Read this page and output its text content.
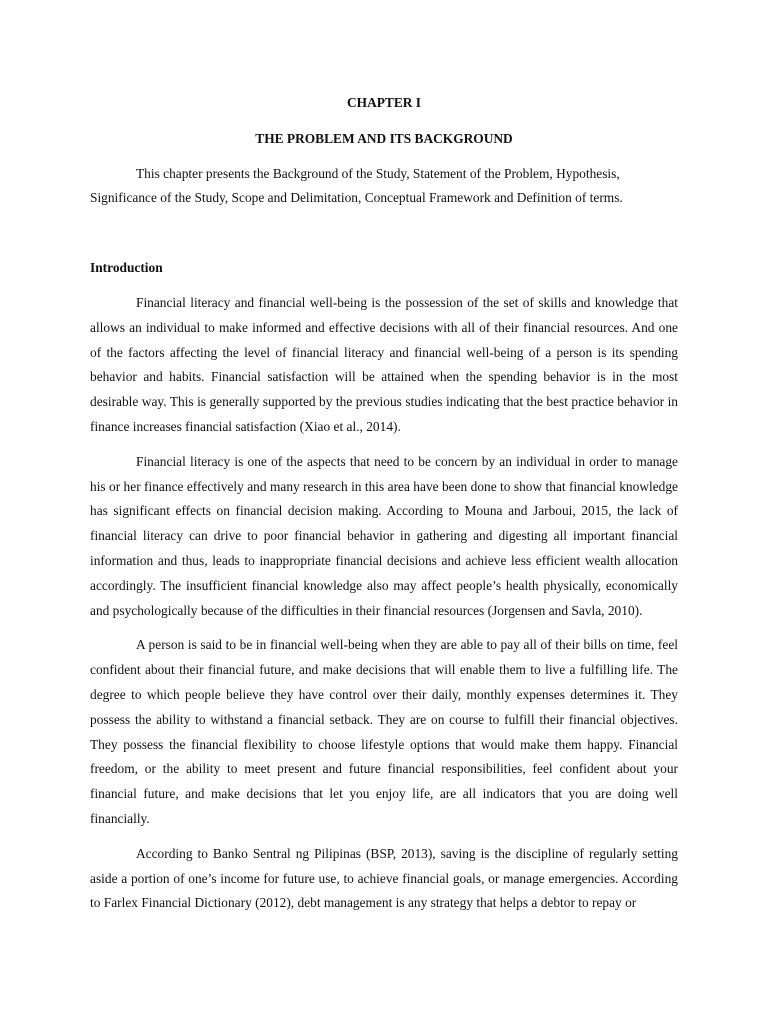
CHAPTER I
THE PROBLEM AND ITS BACKGROUND

This chapter presents the Background of the Study, Statement of the Problem, Hypothesis, Significance of the Study, Scope and Delimitation, Conceptual Framework and Definition of terms.

Introduction

Financial literacy and financial well-being is the possession of the set of skills and knowledge that allows an individual to make informed and effective decisions with all of their financial resources. And one of the factors affecting the level of financial literacy and financial well-being of a person is its spending behavior and habits. Financial satisfaction will be attained when the spending behavior is in the most desirable way. This is generally supported by the previous studies indicating that the best practice behavior in finance increases financial satisfaction (Xiao et al., 2014).

Financial literacy is one of the aspects that need to be concern by an individual in order to manage his or her finance effectively and many research in this area have been done to show that financial knowledge has significant effects on financial decision making. According to Mouna and Jarboui, 2015, the lack of financial literacy can drive to poor financial behavior in gathering and digesting all important financial information and thus, leads to inappropriate financial decisions and achieve less efficient wealth allocation accordingly. The insufficient financial knowledge also may affect people’s health physically, economically and psychologically because of the difficulties in their financial resources (Jorgensen and Savla, 2010).

A person is said to be in financial well-being when they are able to pay all of their bills on time, feel confident about their financial future, and make decisions that will enable them to live a fulfilling life. The degree to which people believe they have control over their daily, monthly expenses determines it. They possess the ability to withstand a financial setback. They are on course to fulfill their financial objectives. They possess the financial flexibility to choose lifestyle options that would make them happy. Financial freedom, or the ability to meet present and future financial responsibilities, feel confident about your financial future, and make decisions that let you enjoy life, are all indicators that you are doing well financially.

According to Banko Sentral ng Pilipinas (BSP, 2013), saving is the discipline of regularly setting aside a portion of one’s income for future use, to achieve financial goals, or manage emergencies. According to Farlex Financial Dictionary (2012), debt management is any strategy that helps a debtor to repay or
